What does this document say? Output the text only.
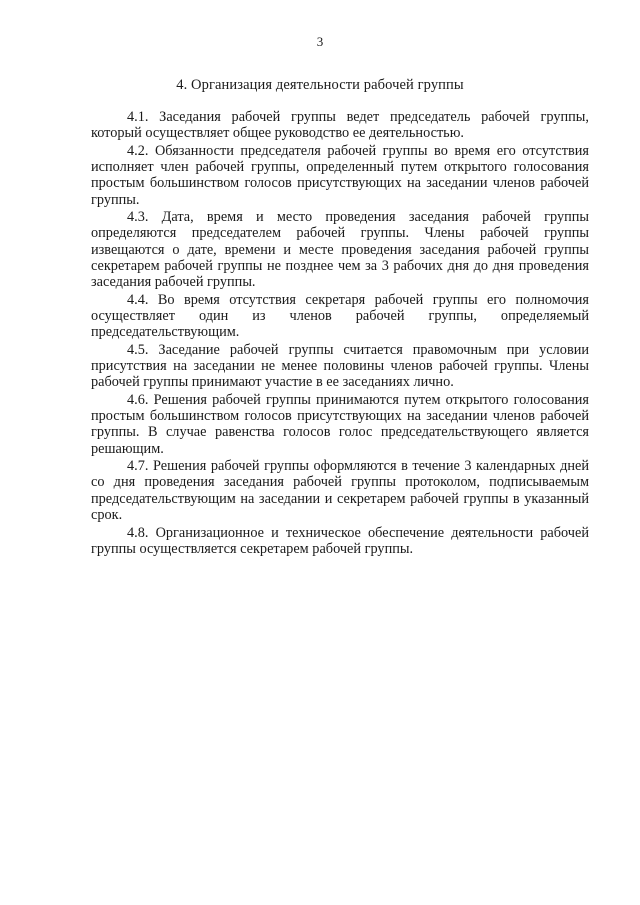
3
4. Организация деятельности рабочей группы

4.1. Заседания рабочей группы ведет председатель рабочей группы, который осуществляет общее руководство ее деятельностью.

4.2. Обязанности председателя рабочей группы во время его отсутствия исполняет член рабочей группы, определенный путем открытого голосования простым большинством голосов присутствующих на заседании членов рабочей группы.

4.3. Дата, время и место проведения заседания рабочей группы определяются председателем рабочей группы. Члены рабочей группы извещаются о дате, времени и месте проведения заседания рабочей группы секретарем рабочей группы не позднее чем за 3 рабочих дня до дня проведения заседания рабочей группы.

4.4. Во время отсутствия секретаря рабочей группы его полномочия осуществляет один из членов рабочей группы, определяемый председательствующим.

4.5. Заседание рабочей группы считается правомочным при условии присутствия на заседании не менее половины членов рабочей группы. Члены рабочей группы принимают участие в ее заседаниях лично.

4.6. Решения рабочей группы принимаются путем открытого голосования простым большинством голосов присутствующих на заседании членов рабочей группы. В случае равенства голосов голос председательствующего является решающим.

4.7. Решения рабочей группы оформляются в течение 3 календарных дней со дня проведения заседания рабочей группы протоколом, подписываемым председательствующим на заседании и секретарем рабочей группы в указанный срок.

4.8. Организационное и техническое обеспечение деятельности рабочей группы осуществляется секретарем рабочей группы.
